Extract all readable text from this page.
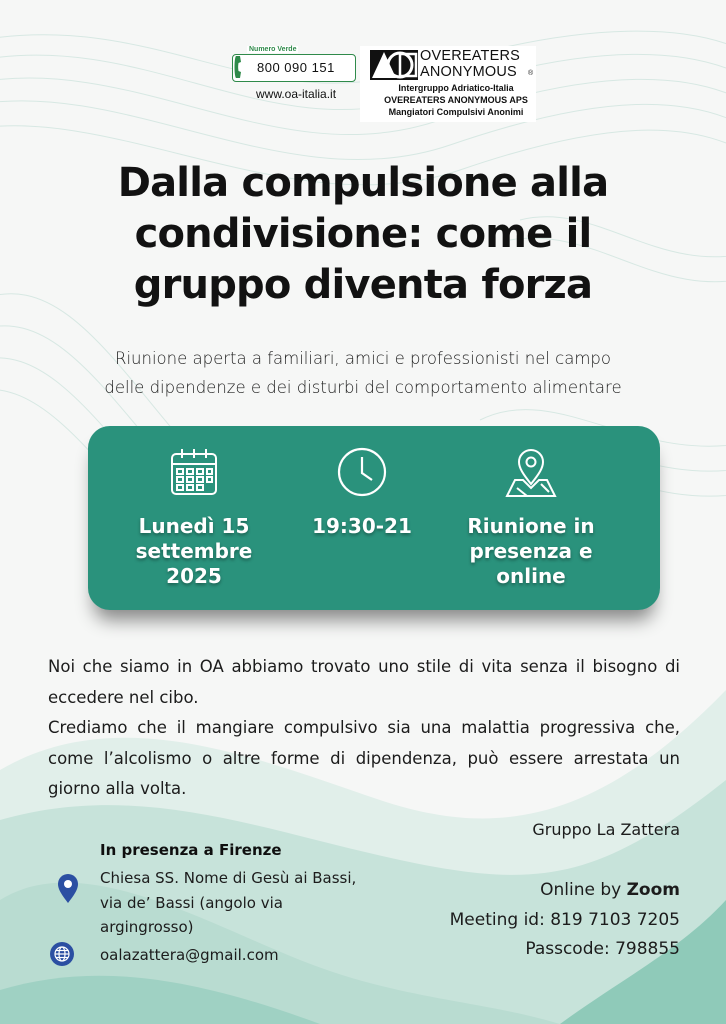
Numero Verde
800 090 151
www.oa-italia.it
OVEREATERS
ANONYMOUS ®
Intergruppo Adriatico-Italia
OVEREATERS ANONYMOUS APS
Mangiatori Compulsivi Anonimi
Dalla compulsione alla
condivisione: come il
gruppo diventa forza
Riunione aperta a familiari, amici e professionisti nel campo
delle dipendenze e dei disturbi del comportamento alimentare
Lunedì 15
settembre
2025
19:30-21	Riunione in
presenza e
online

Noi che siamo in OA abbiamo trovato uno stile di vita senza il bisogno di eccedere nel cibo.

Crediamo che il mangiare compulsivo sia una malattia progressiva che, come l’alcolismo o altre forme di dipendenza, può essere arrestata un giorno alla volta.

Gruppo La Zattera
In presenza a Firenze
Chiesa SS. Nome di Gesù ai Bassi,
via de’ Bassi (angolo via
argingrosso)
oalazattera@gmail.com
Online by Zoom
Meeting id: 819 7103 7205
Passcode: 798855
